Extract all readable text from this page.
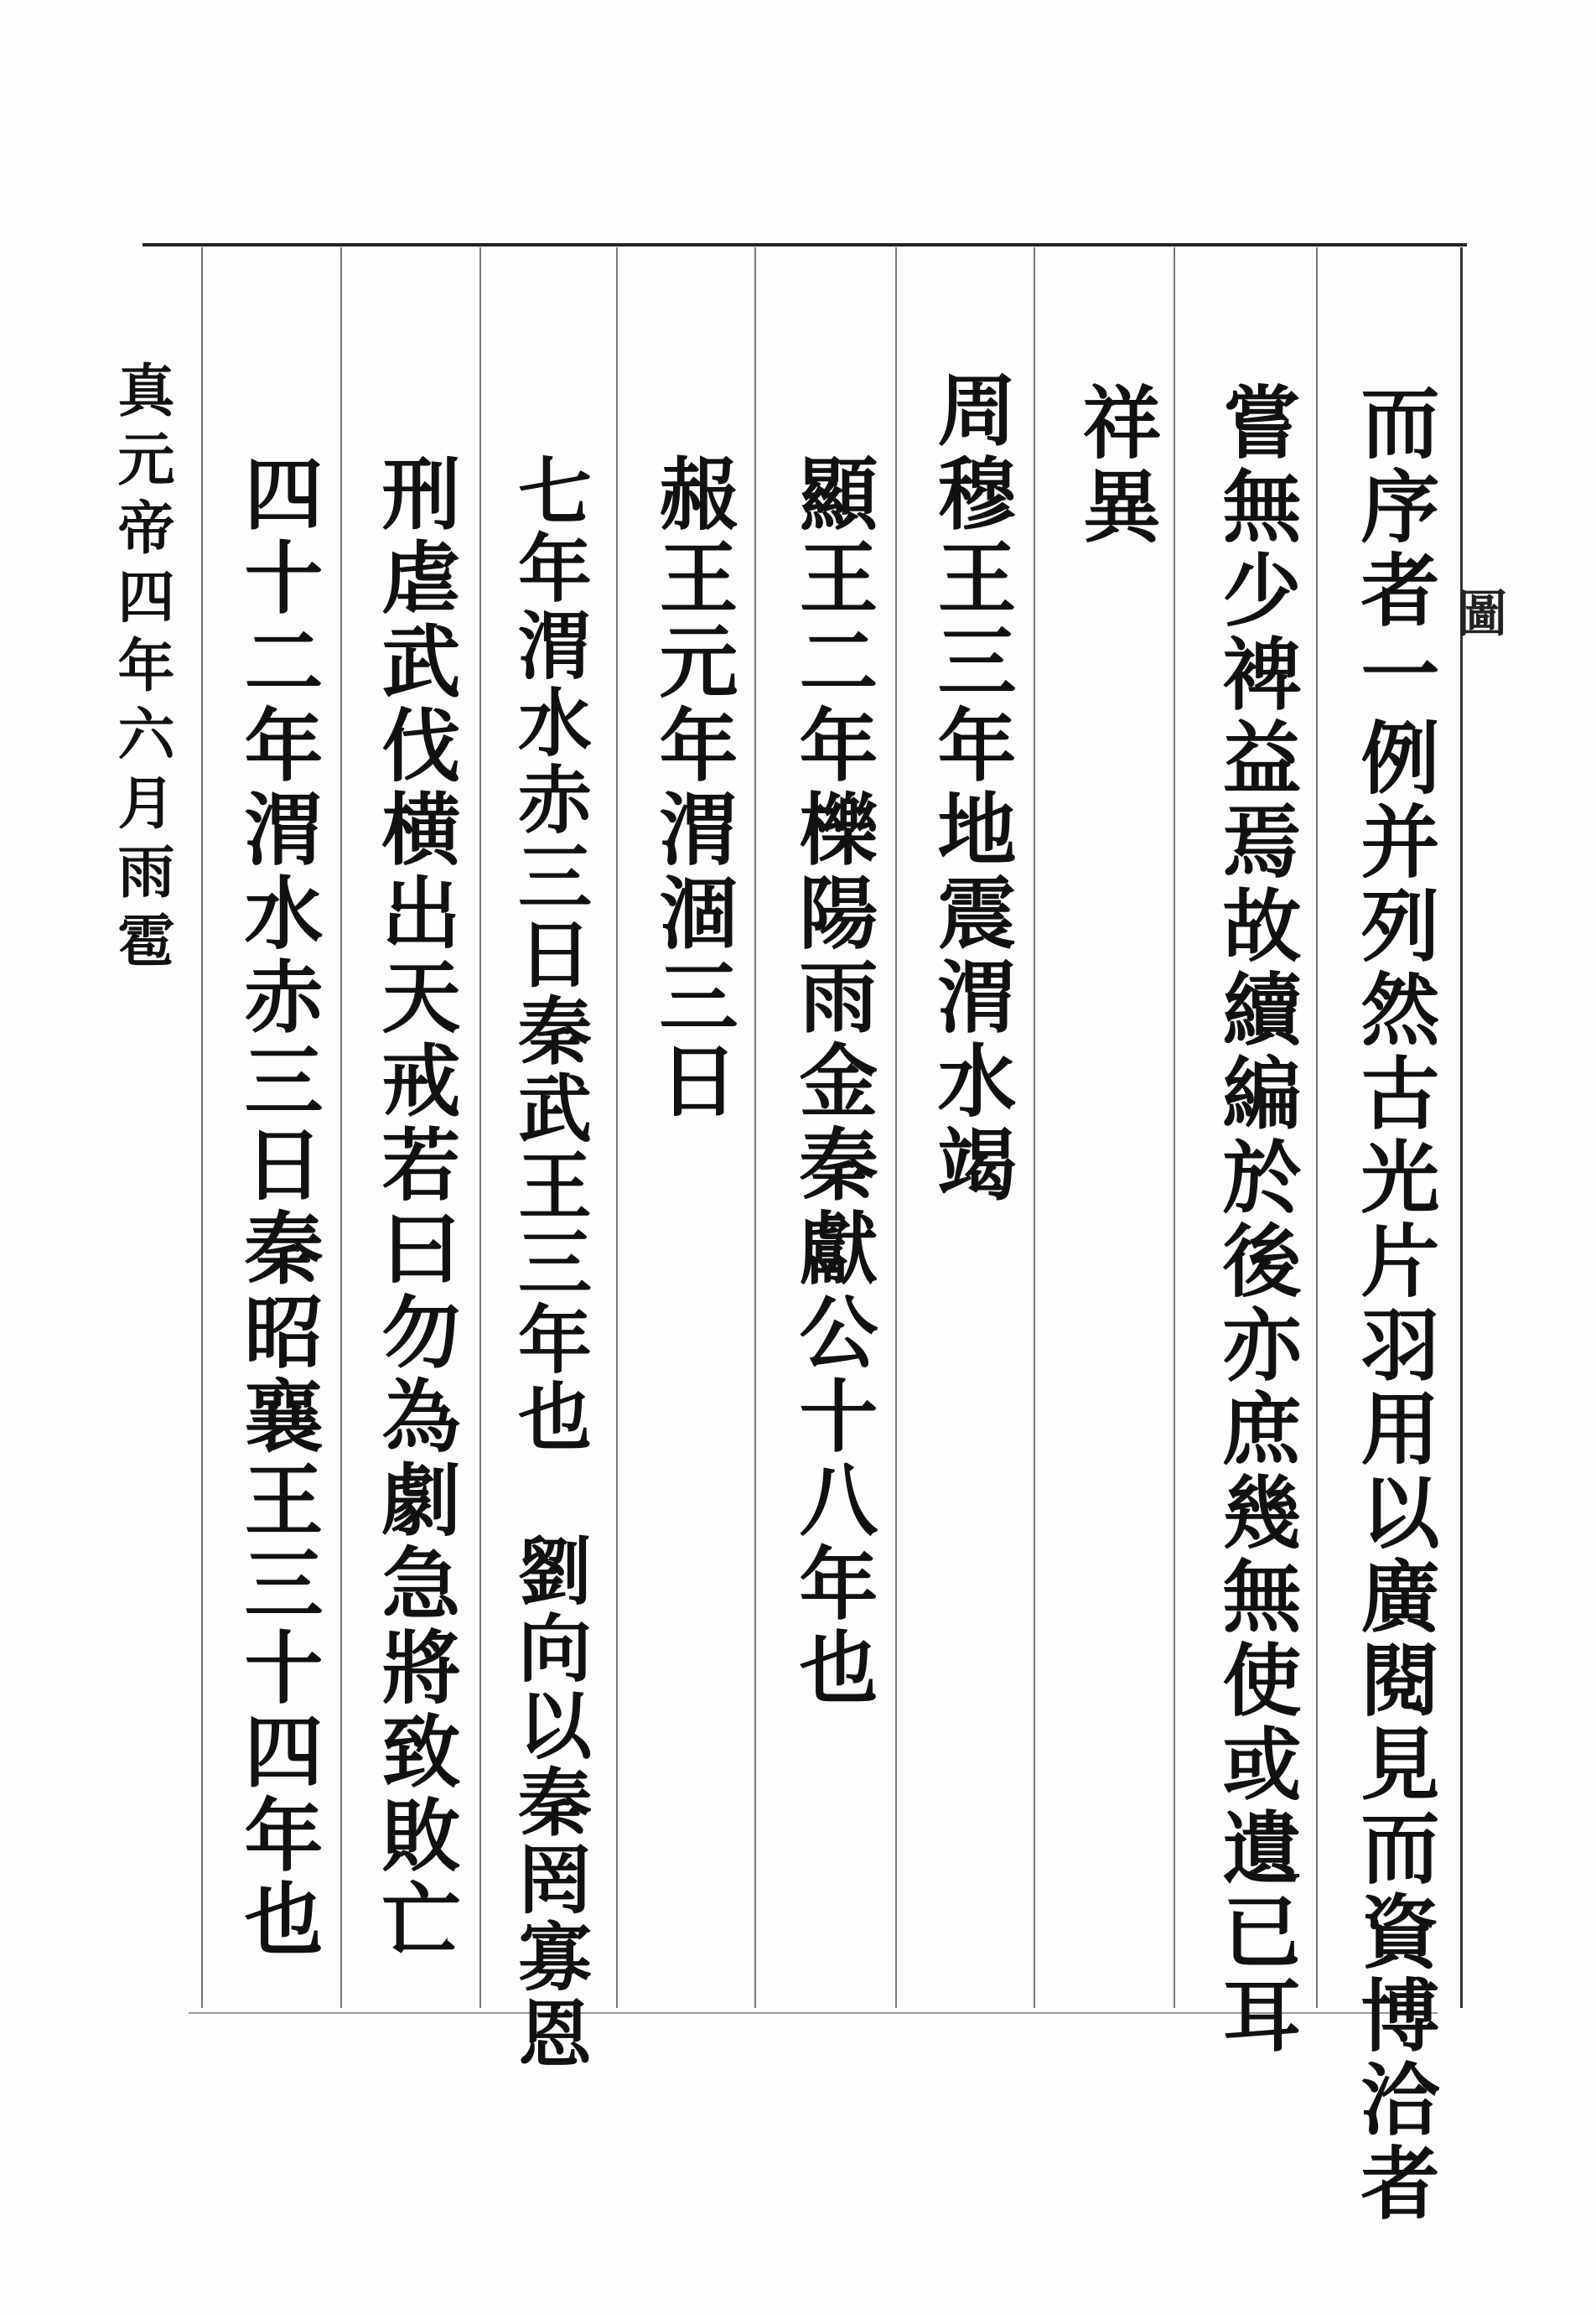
圖
而序者一例并列然古光片羽用以廣閱見而資博洽者
嘗無少裨益焉故續編於後亦庶幾無使或遺已耳
祥異
周穆王三年地震渭水竭
顯王二年櫟陽雨金秦獻公十八年也
赧王元年渭涸三日
七年渭水赤三日秦武王三年也　劉向以秦罔寡恩
刑虐武伐横出天戒若曰勿為劇急將致敗亡
四十二年渭水赤三日秦昭襄王三十四年也
真元帝四年六月雨雹
